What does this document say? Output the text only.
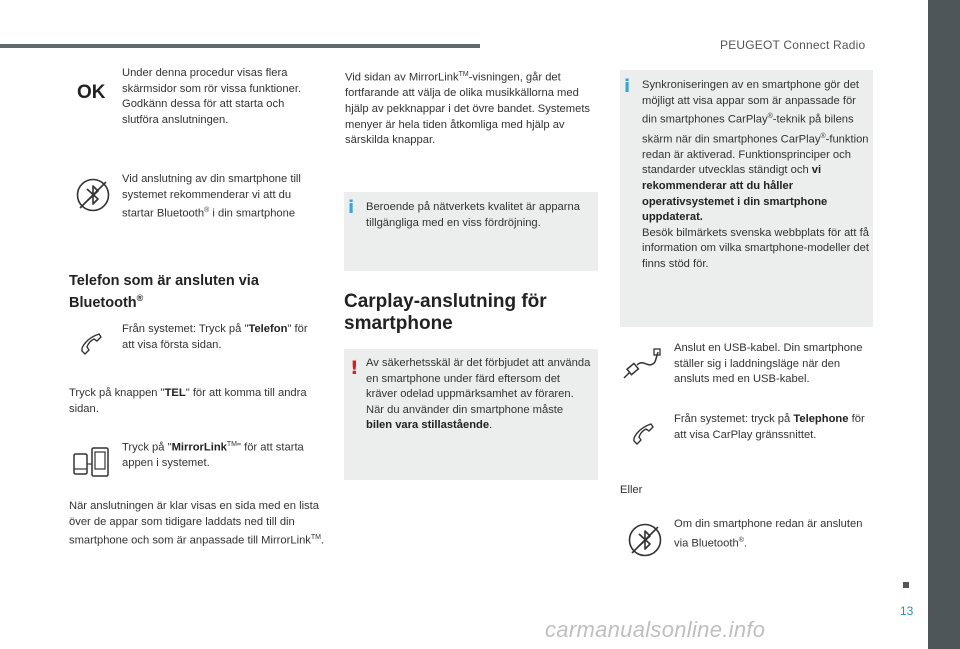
PEUGEOT Connect Radio
13
OK

Under denna procedur visas flera skärmsidor som rör vissa funktioner. Godkänn dessa för att starta och slutföra anslutningen.

Vid anslutning av din smartphone till systemet rekommenderar vi att du startar Bluetooth® i din smartphone

Telefon som är ansluten via
Bluetooth®

Från systemet: Tryck på "Telefon" för att visa första sidan.

Tryck på knappen "TEL" för att komma till andra sidan.

Tryck på "MirrorLink™" för att starta appen i systemet.

När anslutningen är klar visas en sida med en lista över de appar som tidigare laddats ned till din smartphone och som är anpassade till MirrorLink™.

Vid sidan av MirrorLink™-visningen, går det fortfarande att välja de olika musikkällorna med hjälp av pekknappar i det övre bandet. Systemets menyer är hela tiden åtkomliga med hjälp av särskilda knappar.

i Beroende på nätverkets kvalitet är apparna tillgängliga med en viss fördröjning.

Carplay-anslutning för
smartphone

! Av säkerhetsskäl är det förbjudet att använda en smartphone under färd eftersom det kräver odelad uppmärksamhet av föraren. När du använder din smartphone måste bilen vara stillastående.

i Synkroniseringen av en smartphone gör det möjligt att visa appar som är anpassade för din smartphones CarPlay®-teknik på bilens skärm när din smartphones CarPlay®-funktion redan är aktiverad. Funktionsprinciper och standarder utvecklas ständigt och vi rekommenderar att du håller operativsystemet i din smartphone uppdaterat.
Besök bilmärkets svenska webbplats för att få information om vilka smartphone-modeller det finns stöd för.

Anslut en USB-kabel. Din smartphone ställer sig i laddningsläge när den ansluts med en USB-kabel.

Från systemet: tryck på Telephone för att visa CarPlay gränssnittet.

Eller

Om din smartphone redan är ansluten via Bluetooth®.

carmanualsonline.info
